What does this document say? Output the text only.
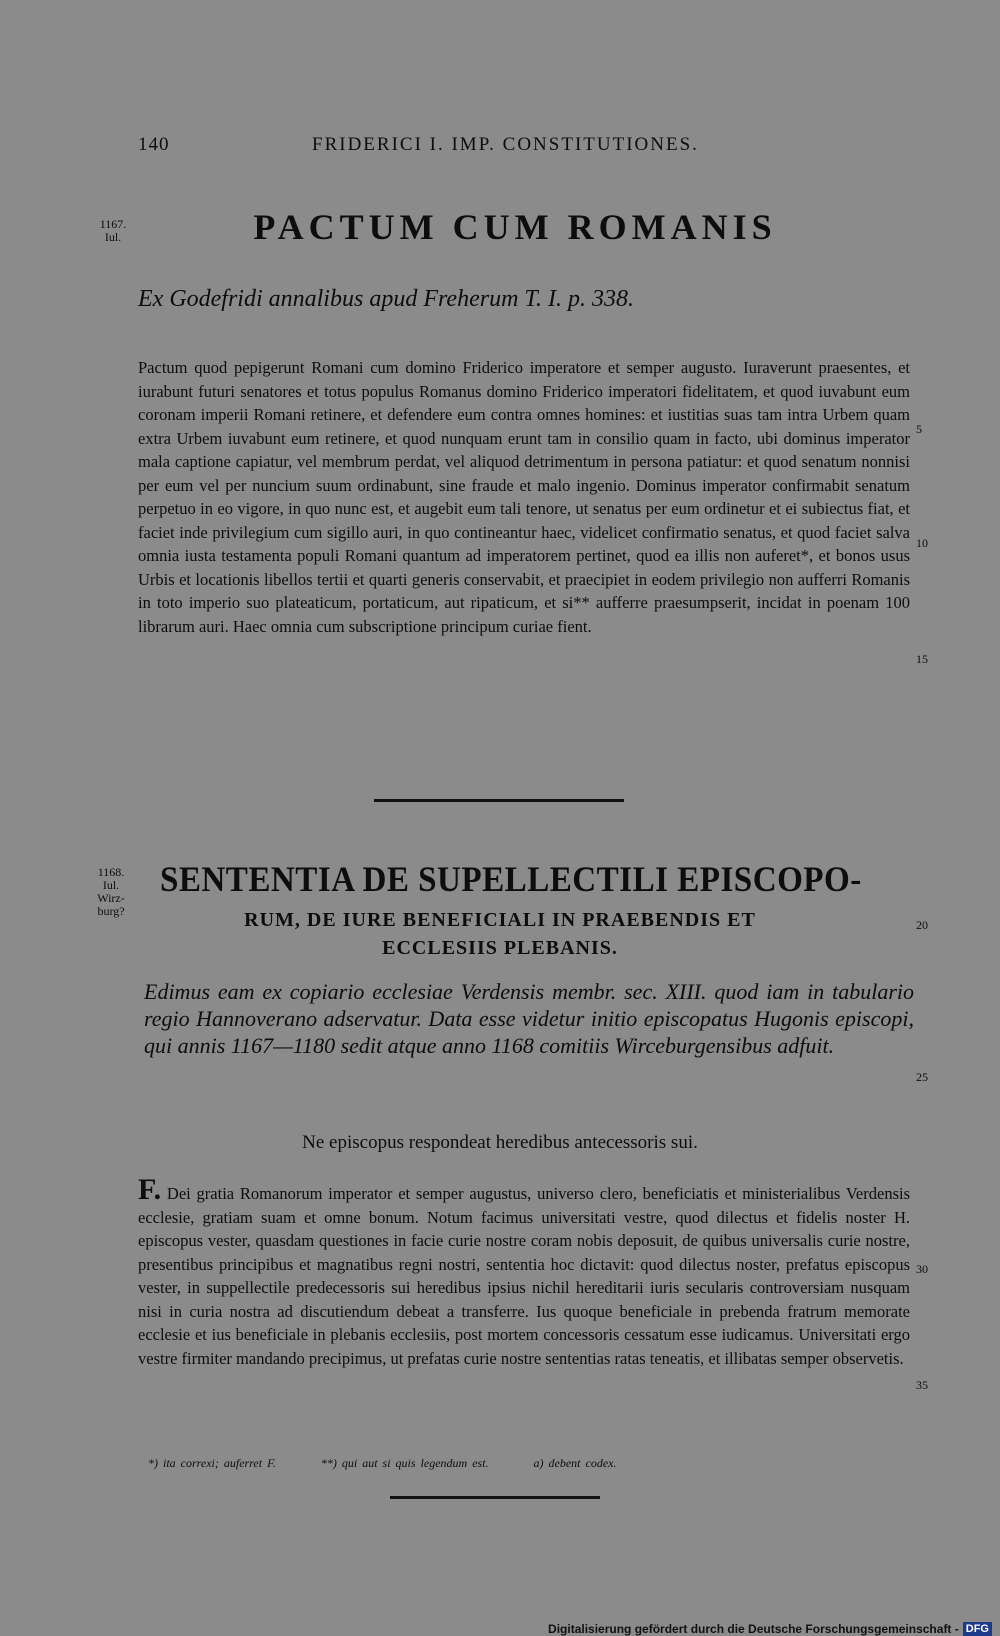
140	FRIDERICI I. IMP. CONSTITUTIONES.
1167.
Iul.	PACTUM CUM ROMANIS
Ex Godefridi annalibus apud Freherum T. I. p. 338.

Pactum quod pepigerunt Romani cum domino Friderico imperatore et semper augusto. Iuraverunt praesentes, et iurabunt futuri senatores et totus populus Romanus domino Friderico imperatori fidelitatem, et quod iuvabunt eum coronam imperii Romani retinere, et defendere eum contra omnes homines: et iustitias suas tam intra Urbem quam extra Urbem iuvabunt eum retinere, et quod nunquam erunt tam in consilio quam in facto, ubi dominus imperator mala captione capiatur, vel membrum perdat, vel aliquod detrimentum in persona patiatur: et quod senatum nonnisi per eum vel per nuncium suum ordinabunt, sine fraude et malo ingenio. Dominus imperator confirmabit senatum perpetuo in eo vigore, in quo nunc est, et augebit eum tali tenore, ut senatus per eum ordinetur et ei subiectus fiat, et faciet inde privilegium cum sigillo auri, in quo contineantur haec, videlicet confirmatio senatus, et quod faciet salva omnia iusta testamenta populi Romani quantum ad imperatorem pertinet, quod ea illis non auferet*, et bonos usus Urbis et locationis libellos tertii et quarti generis conservabit, et praecipiet in eodem privilegio non aufferri Romanis in toto imperio suo plateaticum, portaticum, aut ripaticum, et si** aufferre praesumpserit, incidat in poenam 100 librarum auri. Haec omnia cum subscriptione principum curiae fient.

5
10
15
1168.
Iul.
Wirz-
burg?
SENTENTIA DE SUPELLECTILI EPISCOPO-
RUM, DE IURE BENEFICIALI IN PRAEBENDIS ET
ECCLESIIS PLEBANIS.
20
Edimus eam ex copiario ecclesiae Verdensis membr. sec. XIII. quod iam in tabulario regio Hannoverano adservatur. Data esse videtur initio episcopatus Hugonis episcopi, qui annis 1167—1180 sedit atque anno 1168 comitiis Wirceburgensibus adfuit.
25
Ne episcopus respondeat heredibus antecessoris sui.

F. Dei gratia Romanorum imperator et semper augustus, universo clero, beneficiatis et ministerialibus Verdensis ecclesie, gratiam suam et omne bonum. Notum facimus universitati vestre, quod dilectus et fidelis noster H. episcopus vester, quasdam questiones in facie curie nostre coram nobis deposuit, de quibus universalis curie nostre, presentibus principibus et magnatibus regni nostri, sententia hoc dictavit: quod dilectus noster, prefatus episcopus vester, in suppellectile predecessoris sui heredibus ipsius nichil hereditarii iuris secularis controversiam nusquam nisi in curia nostra ad discutiendum debeat a transferre. Ius quoque beneficiale in prebenda fratrum memorate ecclesie et ius beneficiale in plebanis ecclesiis, post mortem concessoris cessatum esse iudicamus. Universitati ergo vestre firmiter mandando precipimus, ut prefatas curie nostre sententias ratas teneatis, et illibatas semper observetis.

30
35
*) ita correxi; auferret F.	**) qui aut si quis legendum est.	a) debent codex.
Digitalisierung gefördert durch die Deutsche Forschungsgemeinschaft - DFG
